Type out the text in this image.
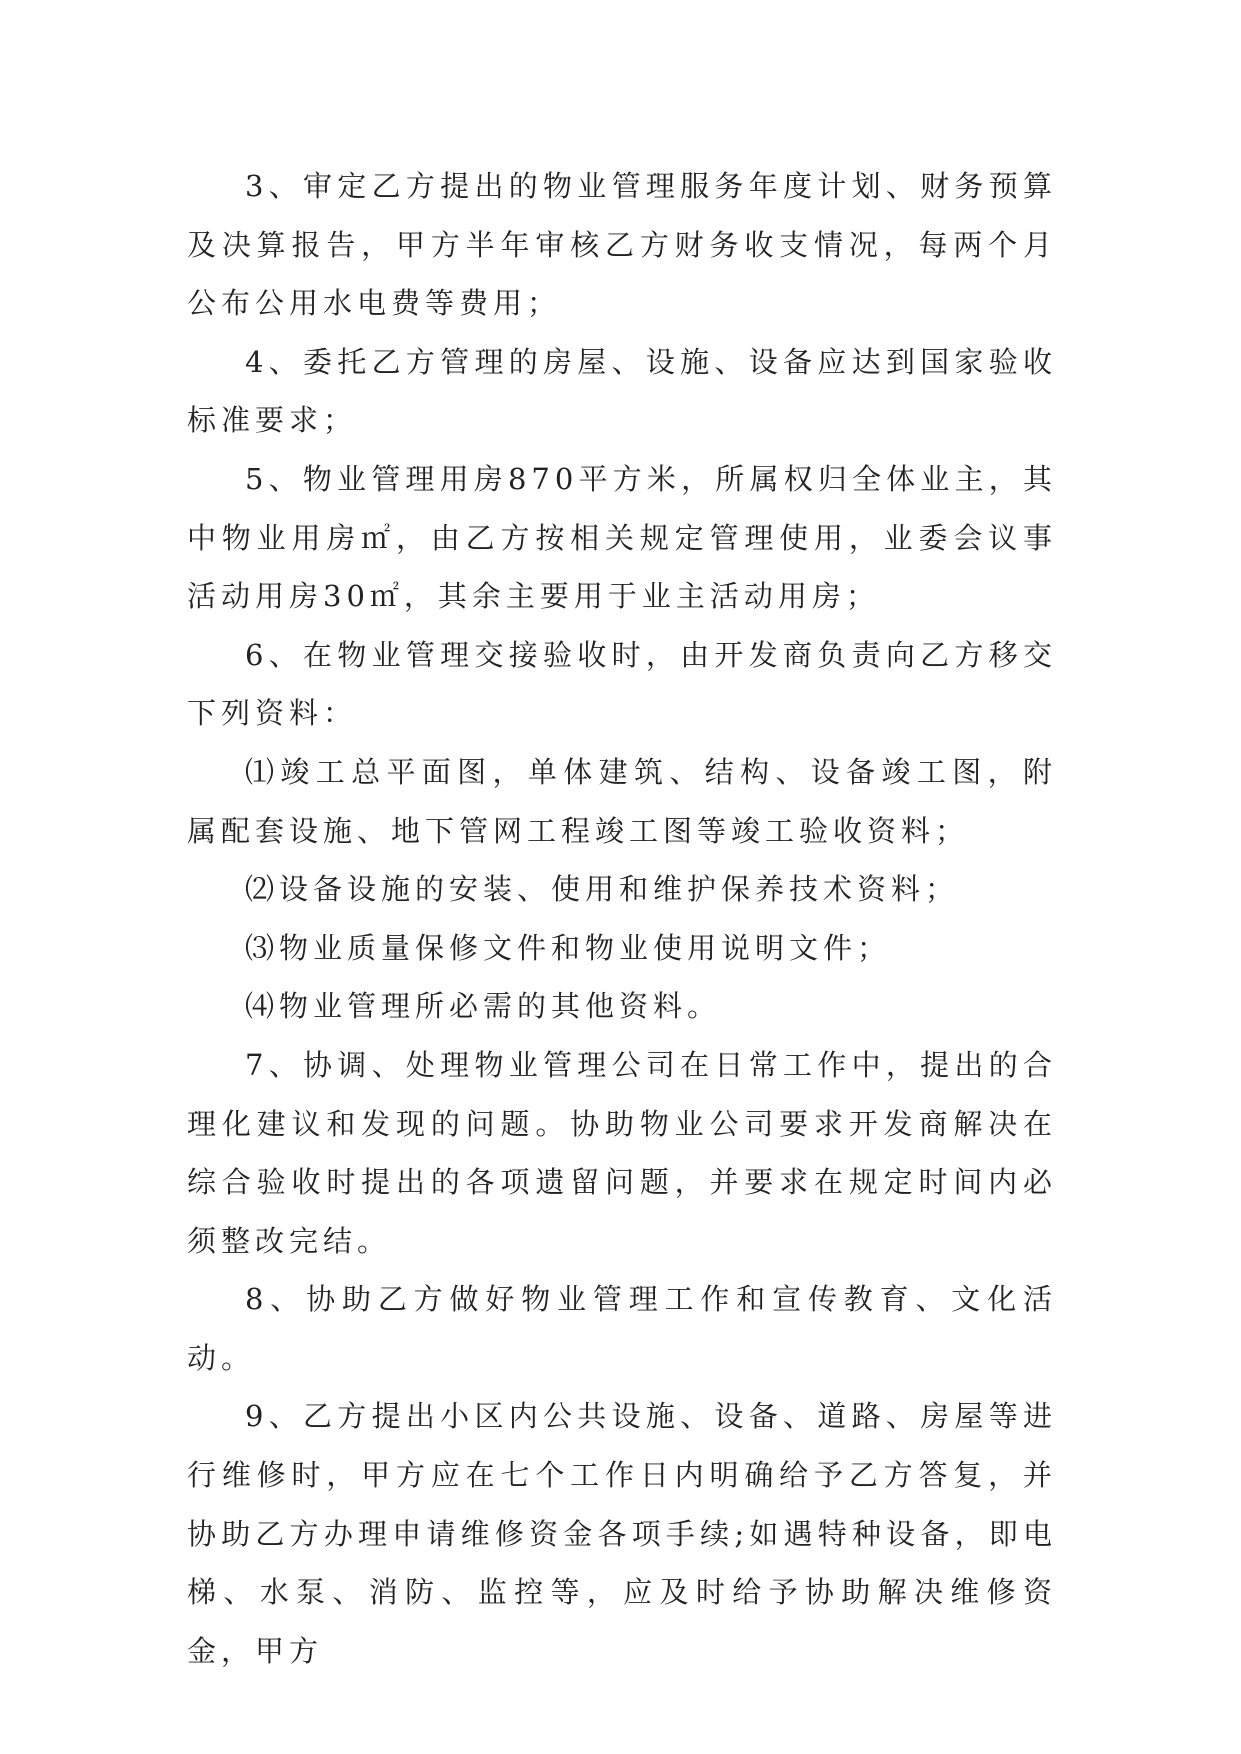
3、审定乙方提出的物业管理服务年度计划、财务预算及决算报告，甲方半年审核乙方财务收支情况，每两个月公布公用水电费等费用；

4、委托乙方管理的房屋、设施、设备应达到国家验收标准要求；

5、物业管理用房870平方米，所属权归全体业主，其中物业用房㎡，由乙方按相关规定管理使用，业委会议事活动用房30㎡，其余主要用于业主活动用房；

6、在物业管理交接验收时，由开发商负责向乙方移交下列资料：

⑴竣工总平面图，单体建筑、结构、设备竣工图，附属配套设施、地下管网工程竣工图等竣工验收资料；

⑵设备设施的安装、使用和维护保养技术资料；

⑶物业质量保修文件和物业使用说明文件；

⑷物业管理所必需的其他资料。

7、协调、处理物业管理公司在日常工作中，提出的合理化建议和发现的问题。协助物业公司要求开发商解决在综合验收时提出的各项遗留问题，并要求在规定时间内必须整改完结。

8、协助乙方做好物业管理工作和宣传教育、文化活动。

9、乙方提出小区内公共设施、设备、道路、房屋等进行维修时，甲方应在七个工作日内明确给予乙方答复，并协助乙方办理申请维修资金各项手续;如遇特种设备，即电梯、水泵、消防、监控等，应及时给予协助解决维修资金，甲方
